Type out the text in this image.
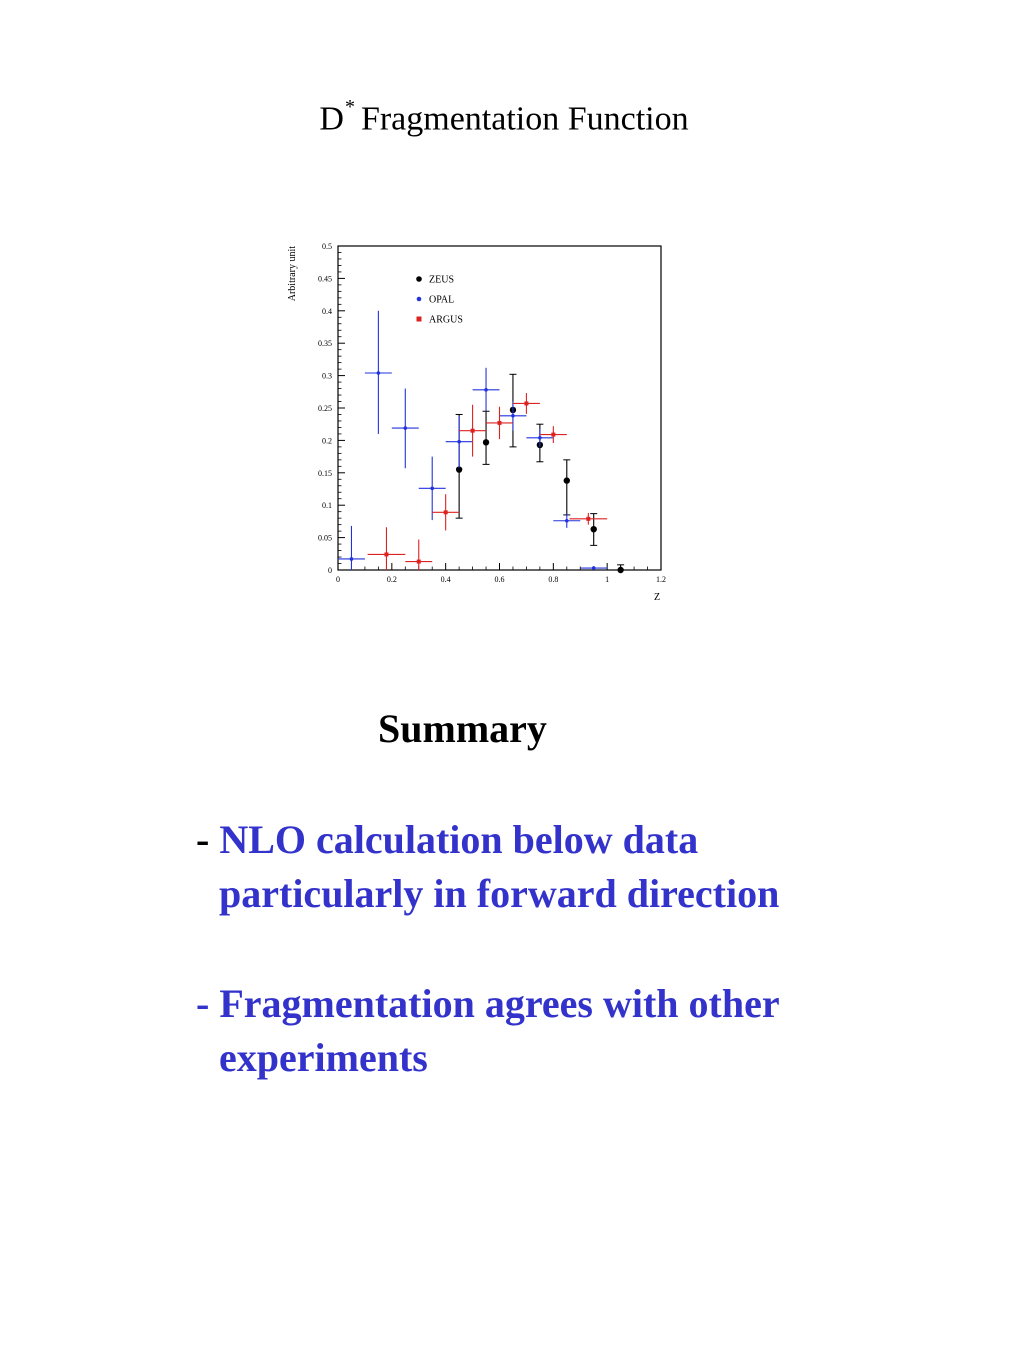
D* Fragmentation Function
0
0.05
0.1
0.15
0.2
0.25
0.3
0.35
0.4
0.45
0.5
0	0.2	0.4	0.6	0.8	1	1.2
Z
Arbitrary unit	ZEUS
OPAL
ARGUS
Summary
- NLO calculation below data
particularly in forward direction
- Fragmentation agrees with other
experiments
